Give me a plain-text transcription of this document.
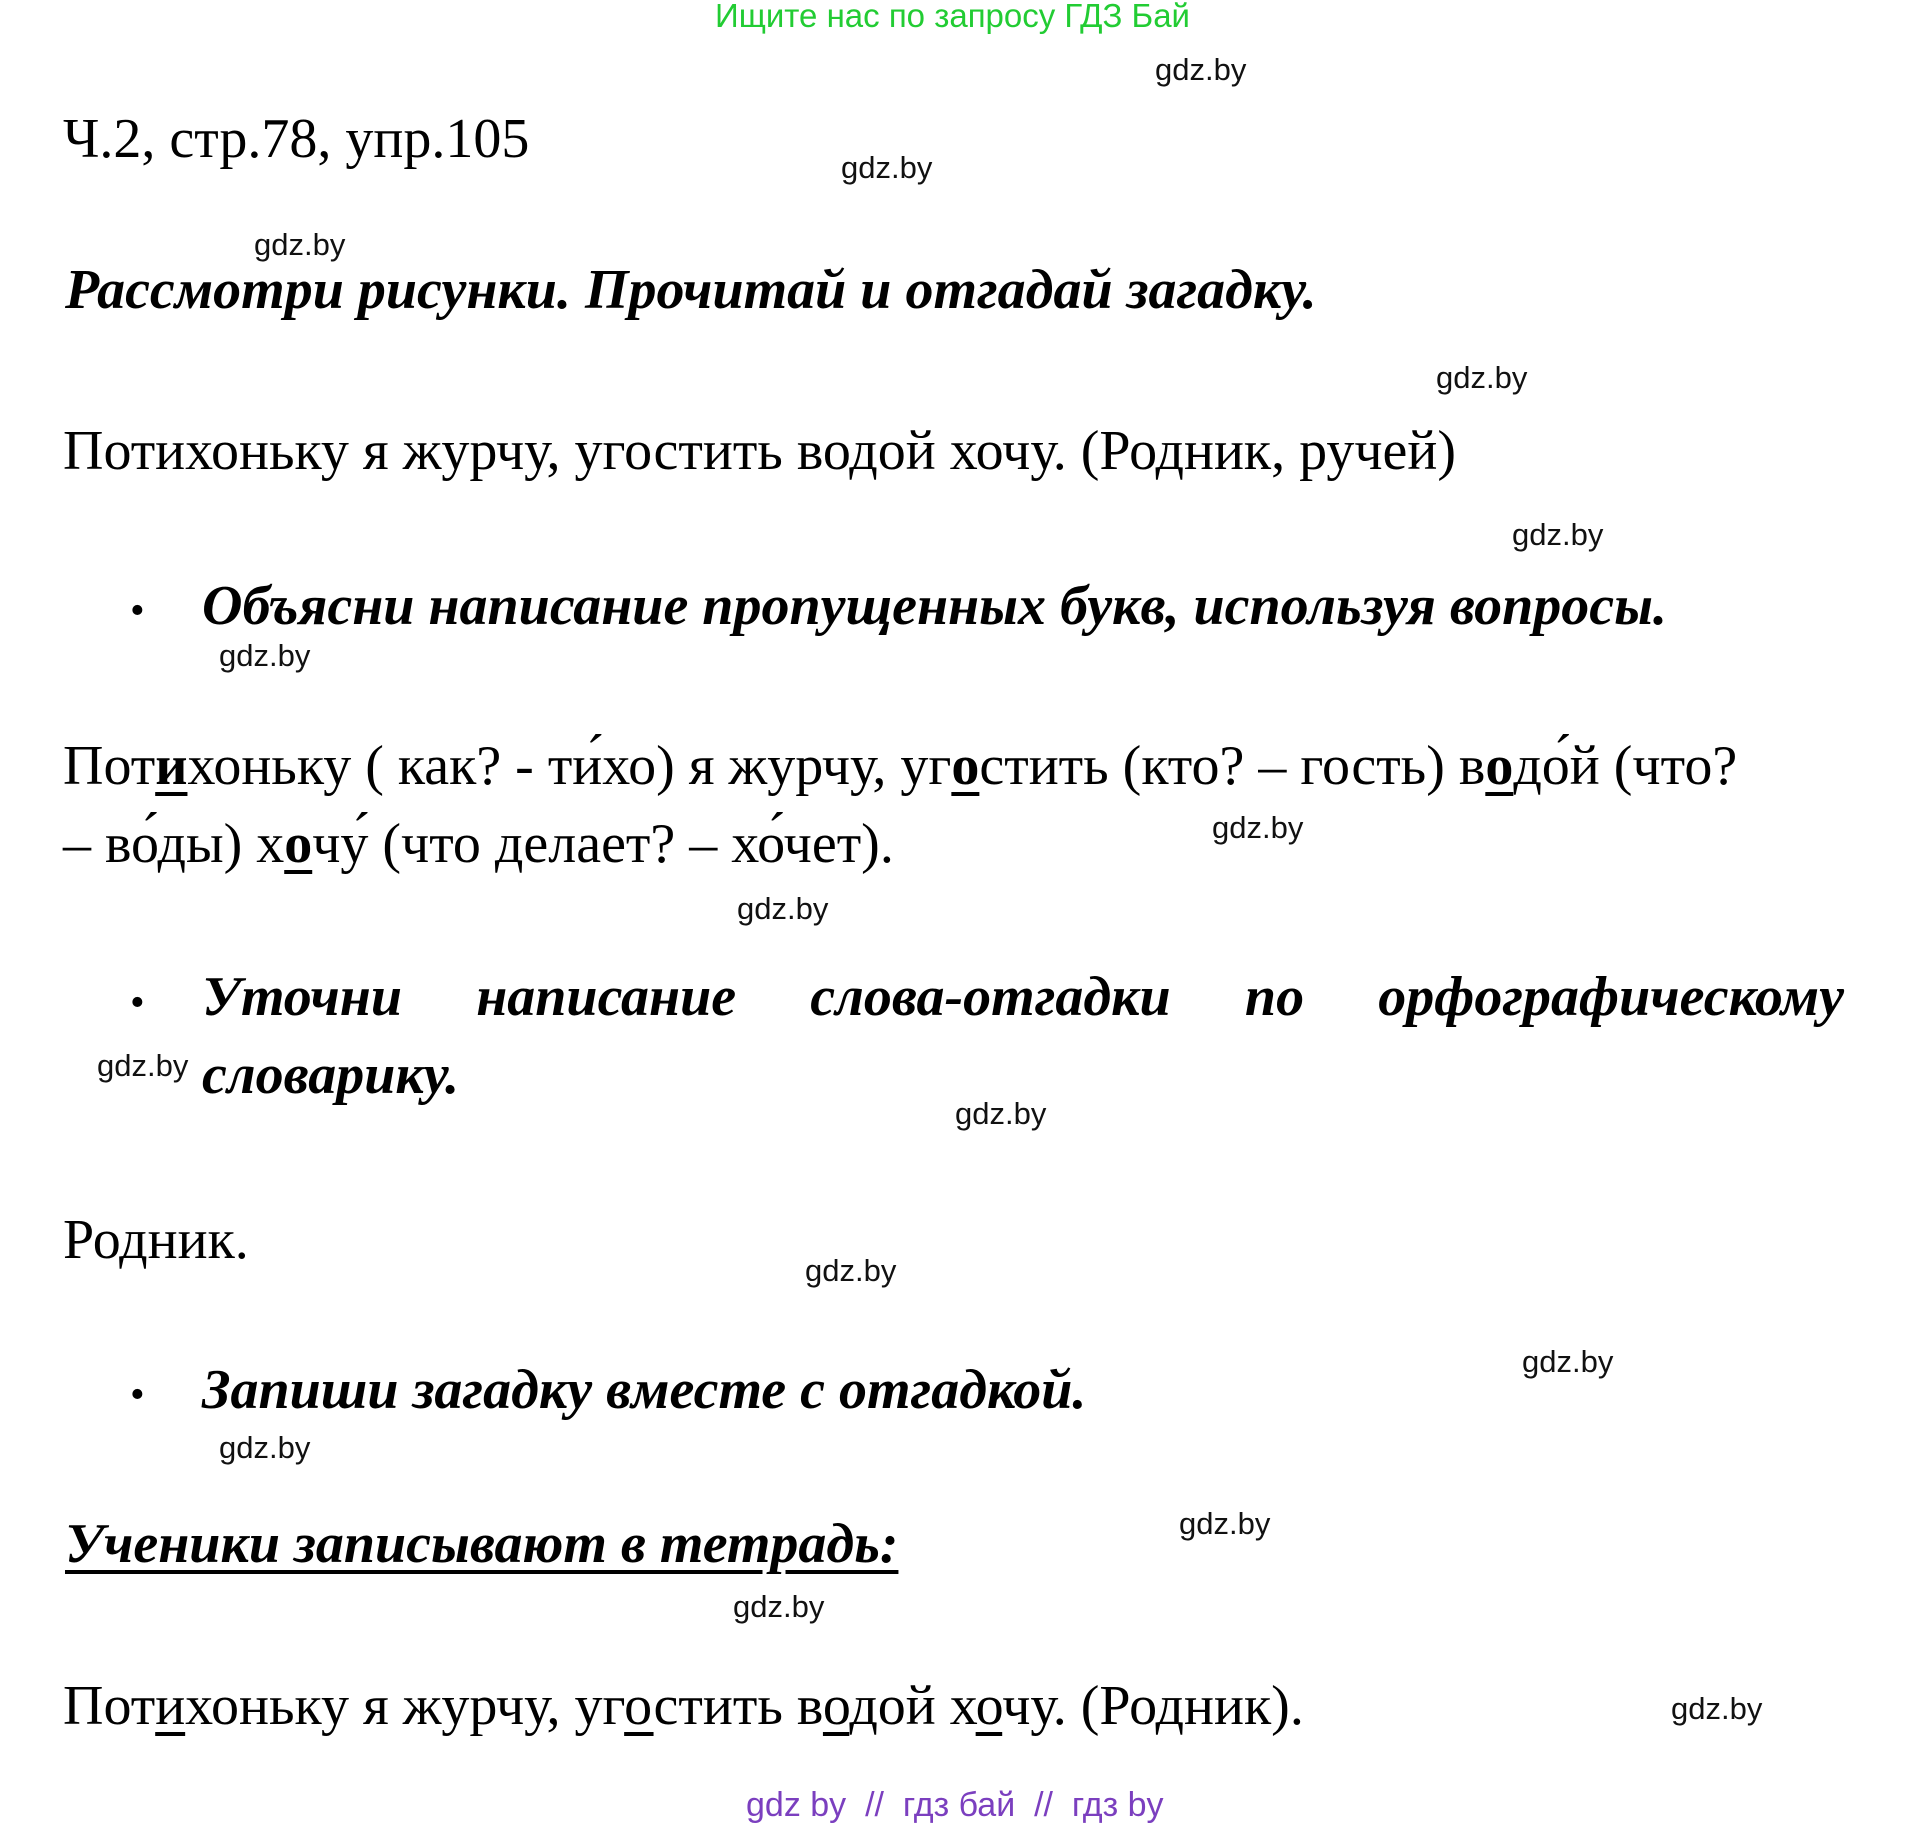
Ищите нас по запросу ГДЗ Бай
gdz.by
gdz.by
gdz.by
gdz.by
gdz.by
gdz.by
gdz.by
gdz.by
gdz.by
gdz.by
gdz.by
gdz.by
gdz.by
gdz.by
gdz.by
gdz.by
Ч.2, стр.78, упр.105
Рассмотри рисунки. Прочитай и отгадай загадку.
Потихоньку я журчу, угостить водой хочу. (Родник, ручей)
• Объясни написание пропущенных букв, используя вопросы.
Потихоньку ( как? - ти́хо) я журчу, угостить (кто? – гость) водо́й (что?
– во́ды) хочу́ (что делает? – хо́чет).
• Уточни написание слова-отгадки по орфографическому
словарику.
Родник.
• Запиши загадку вместе с отгадкой.
Ученики записывают в тетрадь:
Потихоньку я журчу, угостить водой хочу. (Родник).
gdz by  //  гдз бай  //  гдз by
